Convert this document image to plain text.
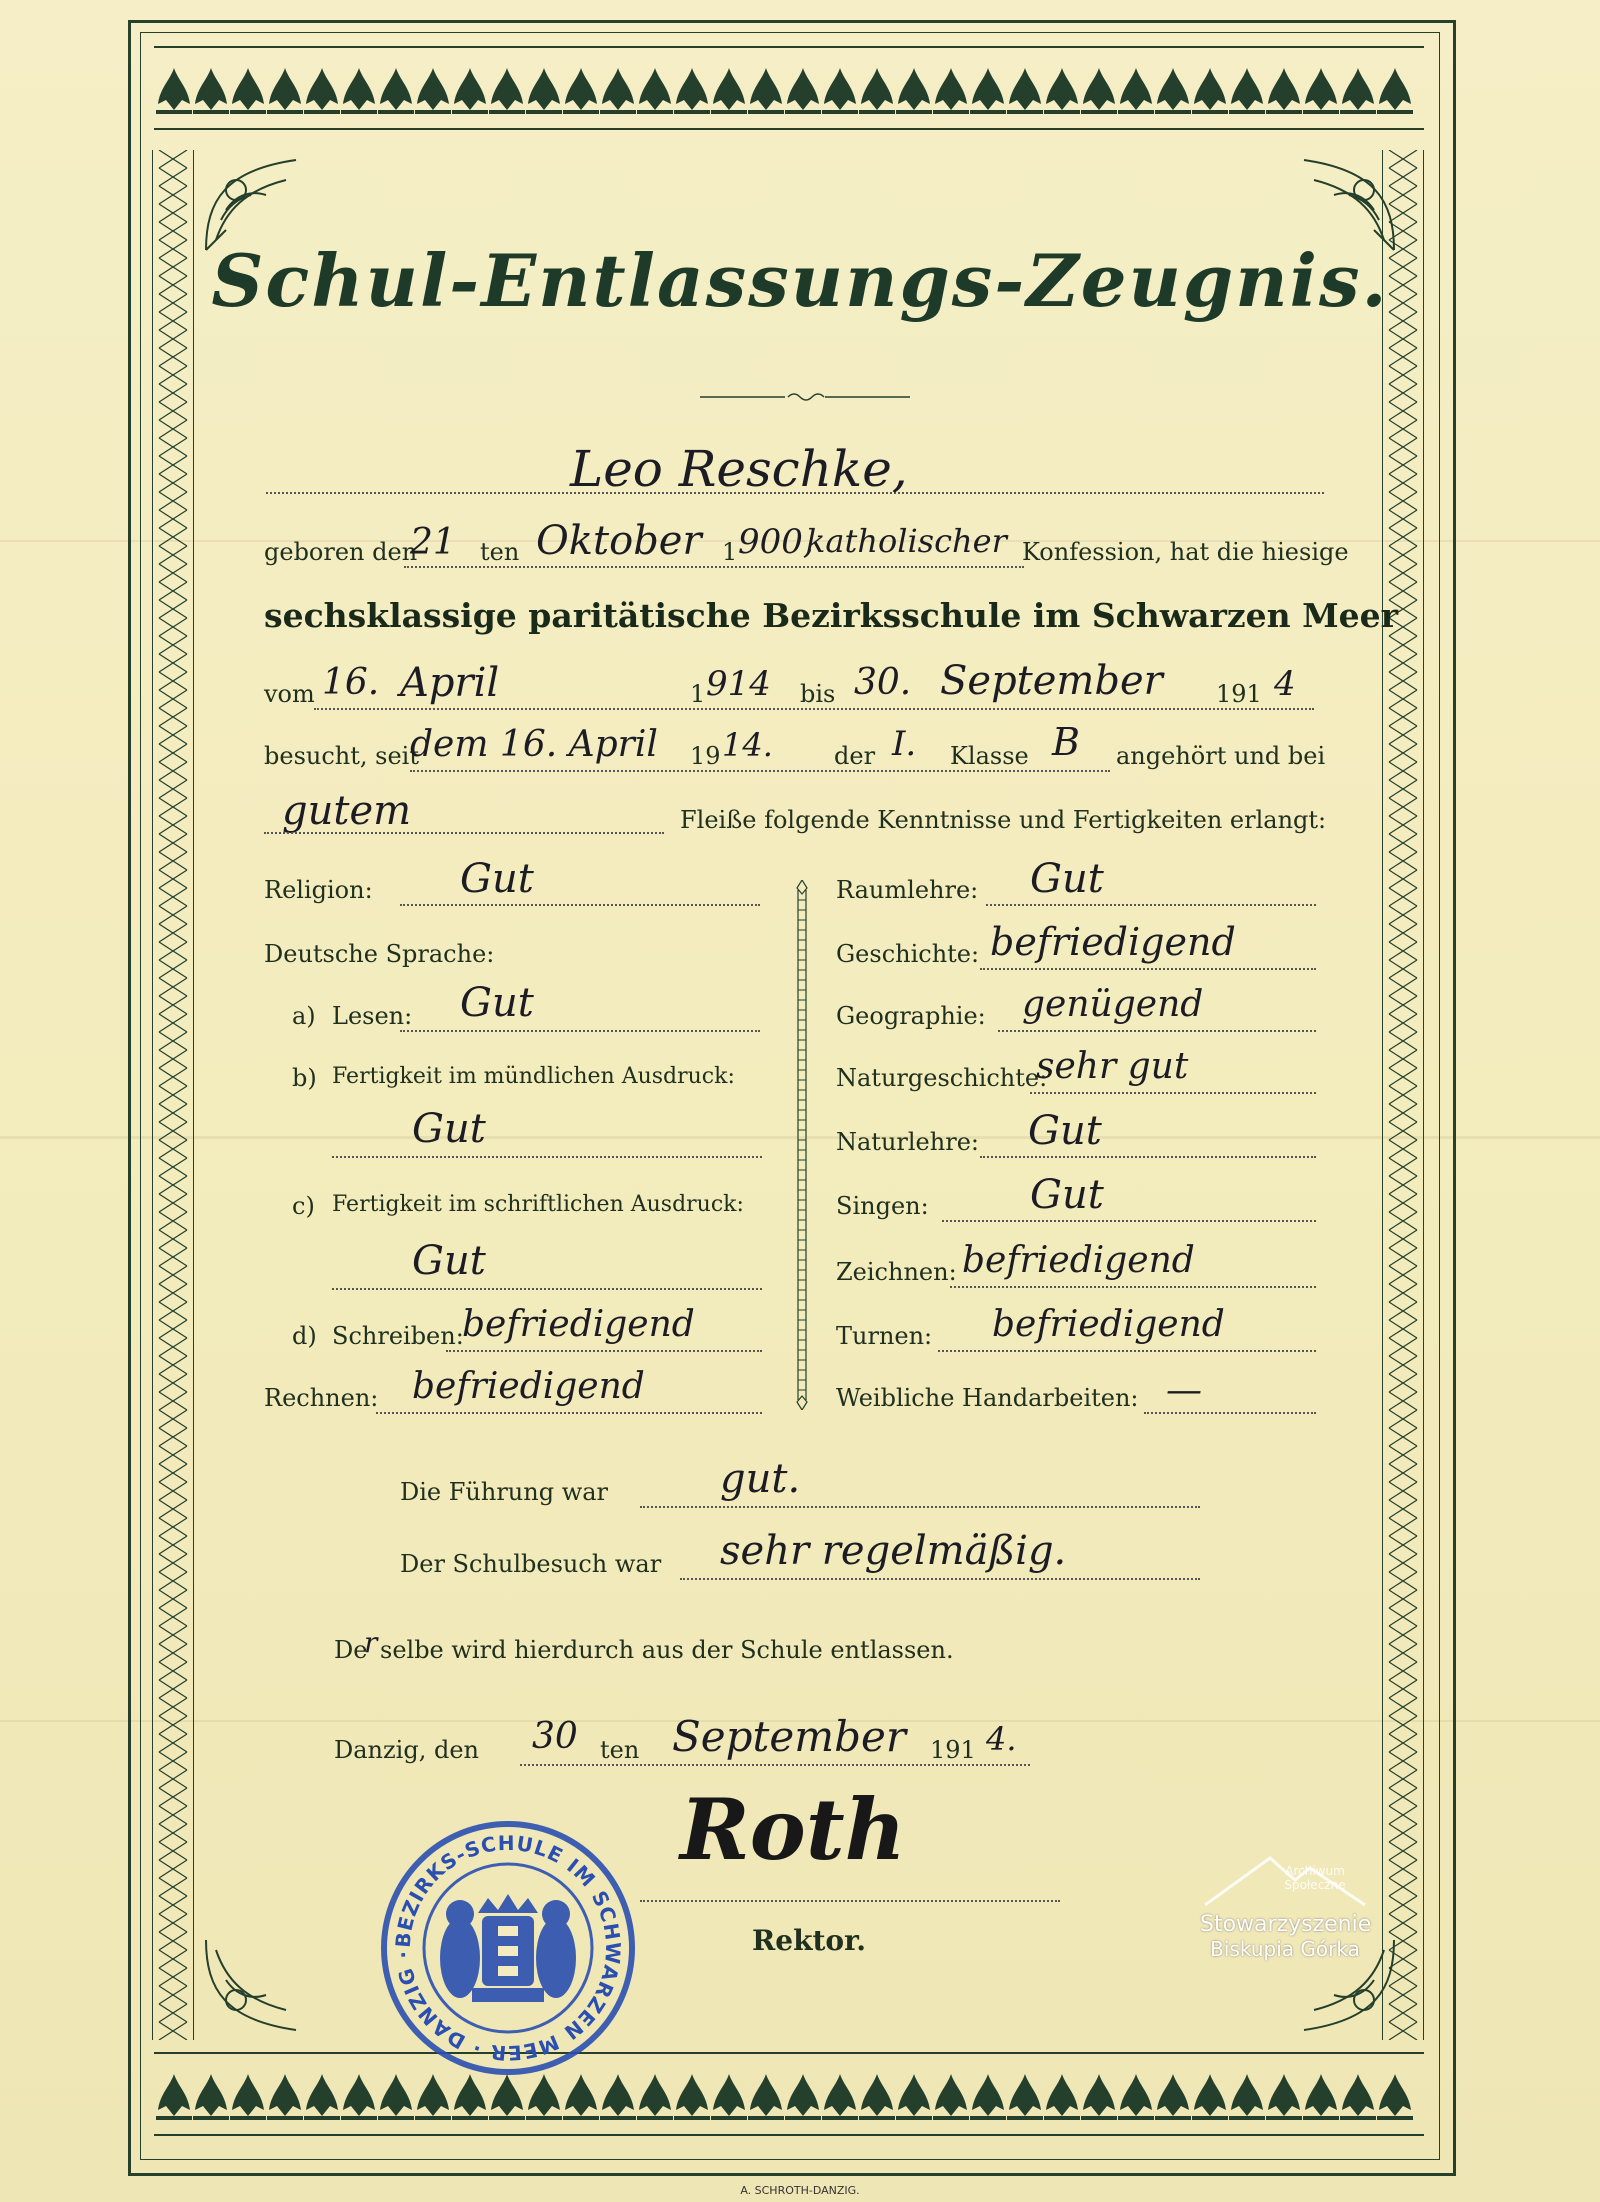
Schul-Entlassungs-Zeugnis.
Leo Reschke,
geboren den
21 ten Oktober 1 900,
katholischer Konfession, hat die hiesige
sechsklassige paritätische Bezirksschule im Schwarzen Meer
vom 16. April	1 914 bis 30. September 191 4
besucht, seit
dem 16. April 19 14.	der I. Klasse B angehört und bei
gutem	Fleiße folgende Kenntnisse und Fertigkeiten erlangt:
Religion: Gut
Deutsche Sprache:
a) Lesen: Gut
b) Fertigkeit im mündlichen Ausdruck:
Gut
c) Fertigkeit im schriftlichen Ausdruck:
Gut
d) Schreiben:
befriedigend
Rechnen: befriedigend
Raumlehre: Gut
Geschichte: befriedigend
Geographie: genügend
Naturgeschichte:
sehr gut
Naturlehre: Gut
Singen:	Gut
Zeichnen: befriedigend
Turnen: befriedigend
Weibliche Handarbeiten: —
Die Führung war	gut.
Der Schulbesuch war sehr regelmäßig.
De
r selbe wird hierdurch aus der Schule entlassen.
Danzig, den 30 ten September 191 4.
Roth
Rektor.
BEZIRKS-SCHULE IM SCHWARZEN MEER · DANZIG ·
Archiwum
Społeczne
Stowarzyszenie
Biskupia Górka
A. SCHROTH-DANZIG.
